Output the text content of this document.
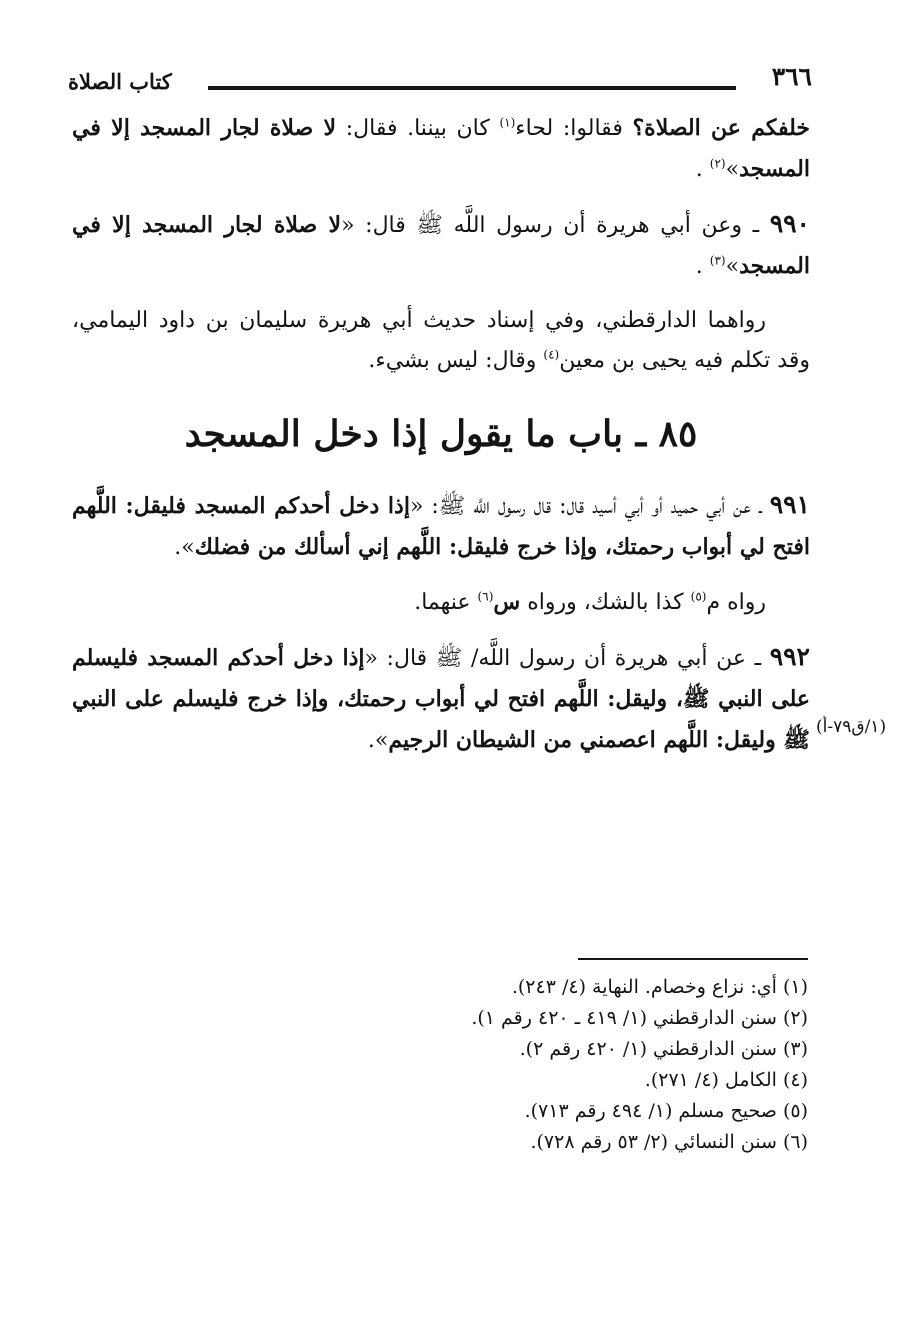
٣٦٦
كتاب الصلاة
(١/ق٧٩-أ)

خلفكم عن الصلاة؟ فقالوا: لحاء$^{(١)}$ كان بيننا. فقال: لا صلاة لجار المسجد إلا في المسجد»$^{(٢)}$ .

٩٩٠ ـ وعن أبي هريرة أن رسول اللَّه ﷺ قال: «لا صلاة لجار المسجد إلا في المسجد»$^{(٣)}$ .

رواهما الدارقطني، وفي إسناد حديث أبي هريرة سليمان بن داود اليمامي، وقد تكلم فيه يحيى بن معين$^{(٤)}$ وقال: ليس بشيء.

٨٥ ـ باب ما يقول إذا دخل المسجد

٩٩١ ـ عن أبي حميد أو أبي أسيد قال: قال رسول اللَّه ﷺ: «إذا دخل أحدكم المسجد فليقل: اللَّهم افتح لي أبواب رحمتك، وإذا خرج فليقل: اللَّهم إني أسألك من فضلك».

رواه م$^{(٥)}$ كذا بالشك، ورواه س$^{(٦)}$ عنهما.

٩٩٢ ـ عن أبي هريرة أن رسول اللَّه/ ﷺ قال: «إذا دخل أحدكم المسجد فليسلم على النبي ﷺ، وليقل: اللَّهم افتح لي أبواب رحمتك، وإذا خرج فليسلم على النبي ﷺ وليقل: اللَّهم اعصمني من الشيطان الرجيم».

(١) أي: نزاع وخصام. النهاية (٤/ ٢٤٣).

(٢) سنن الدارقطني (١/ ٤١٩ ـ ٤٢٠ رقم ١).

(٣) سنن الدارقطني (١/ ٤٢٠ رقم ٢).

(٤) الكامل (٤/ ٢٧١).

(٥) صحيح مسلم (١/ ٤٩٤ رقم ٧١٣).

(٦) سنن النسائي (٢/ ٥٣ رقم ٧٢٨).
